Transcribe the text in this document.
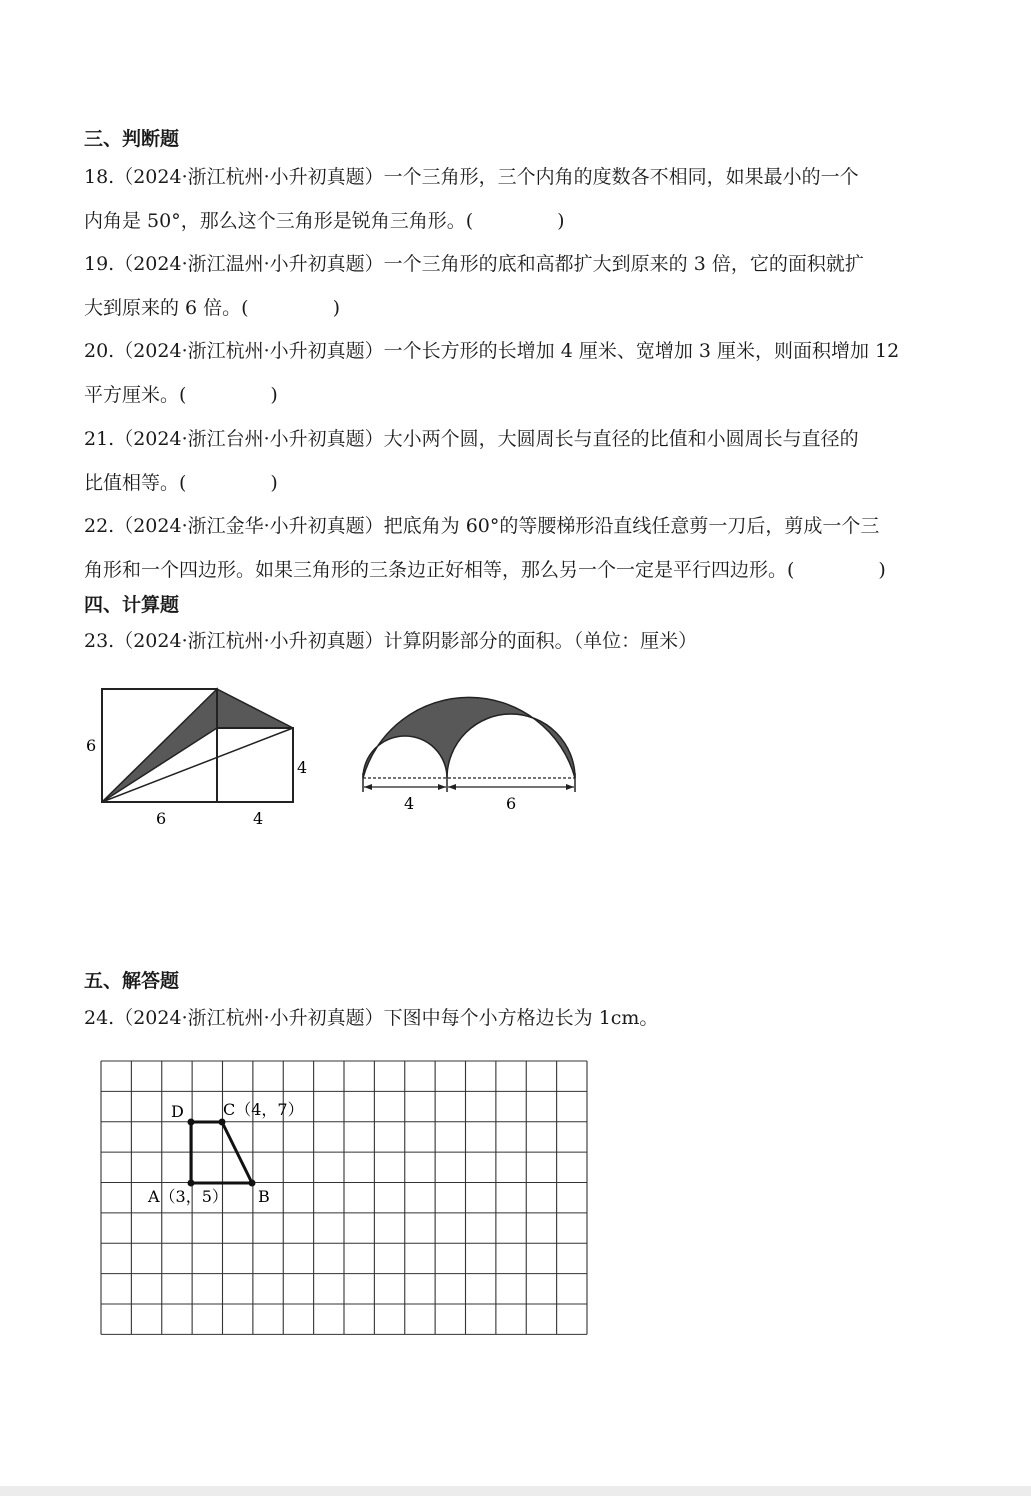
三、判断题
18.（2024·浙江杭州·小升初真题）一个三角形，三个内角的度数各不相同，如果最小的一个
内角是 50°，那么这个三角形是锐角三角形。(	)
19.（2024·浙江温州·小升初真题）一个三角形的底和高都扩大到原来的 3 倍，它的面积就扩
大到原来的 6 倍。(	)
20.（2024·浙江杭州·小升初真题）一个长方形的长增加 4 厘米、宽增加 3 厘米，则面积增加 12
平方厘米。(	)
21.（2024·浙江台州·小升初真题）大小两个圆，大圆周长与直径的比值和小圆周长与直径的
比值相等。(	)
22.（2024·浙江金华·小升初真题）把底角为 60°的等腰梯形沿直线任意剪一刀后，剪成一个三
角形和一个四边形。如果三角形的三条边正好相等，那么另一个一定是平行四边形。(	)
四、计算题
23.（2024·浙江杭州·小升初真题）计算阴影部分的面积。（单位：厘米）
6
4
6	4
4	6
五、解答题
24.（2024·浙江杭州·小升初真题）下图中每个小方格边长为 1cm。
D C（4，7）
A（3，5） B
